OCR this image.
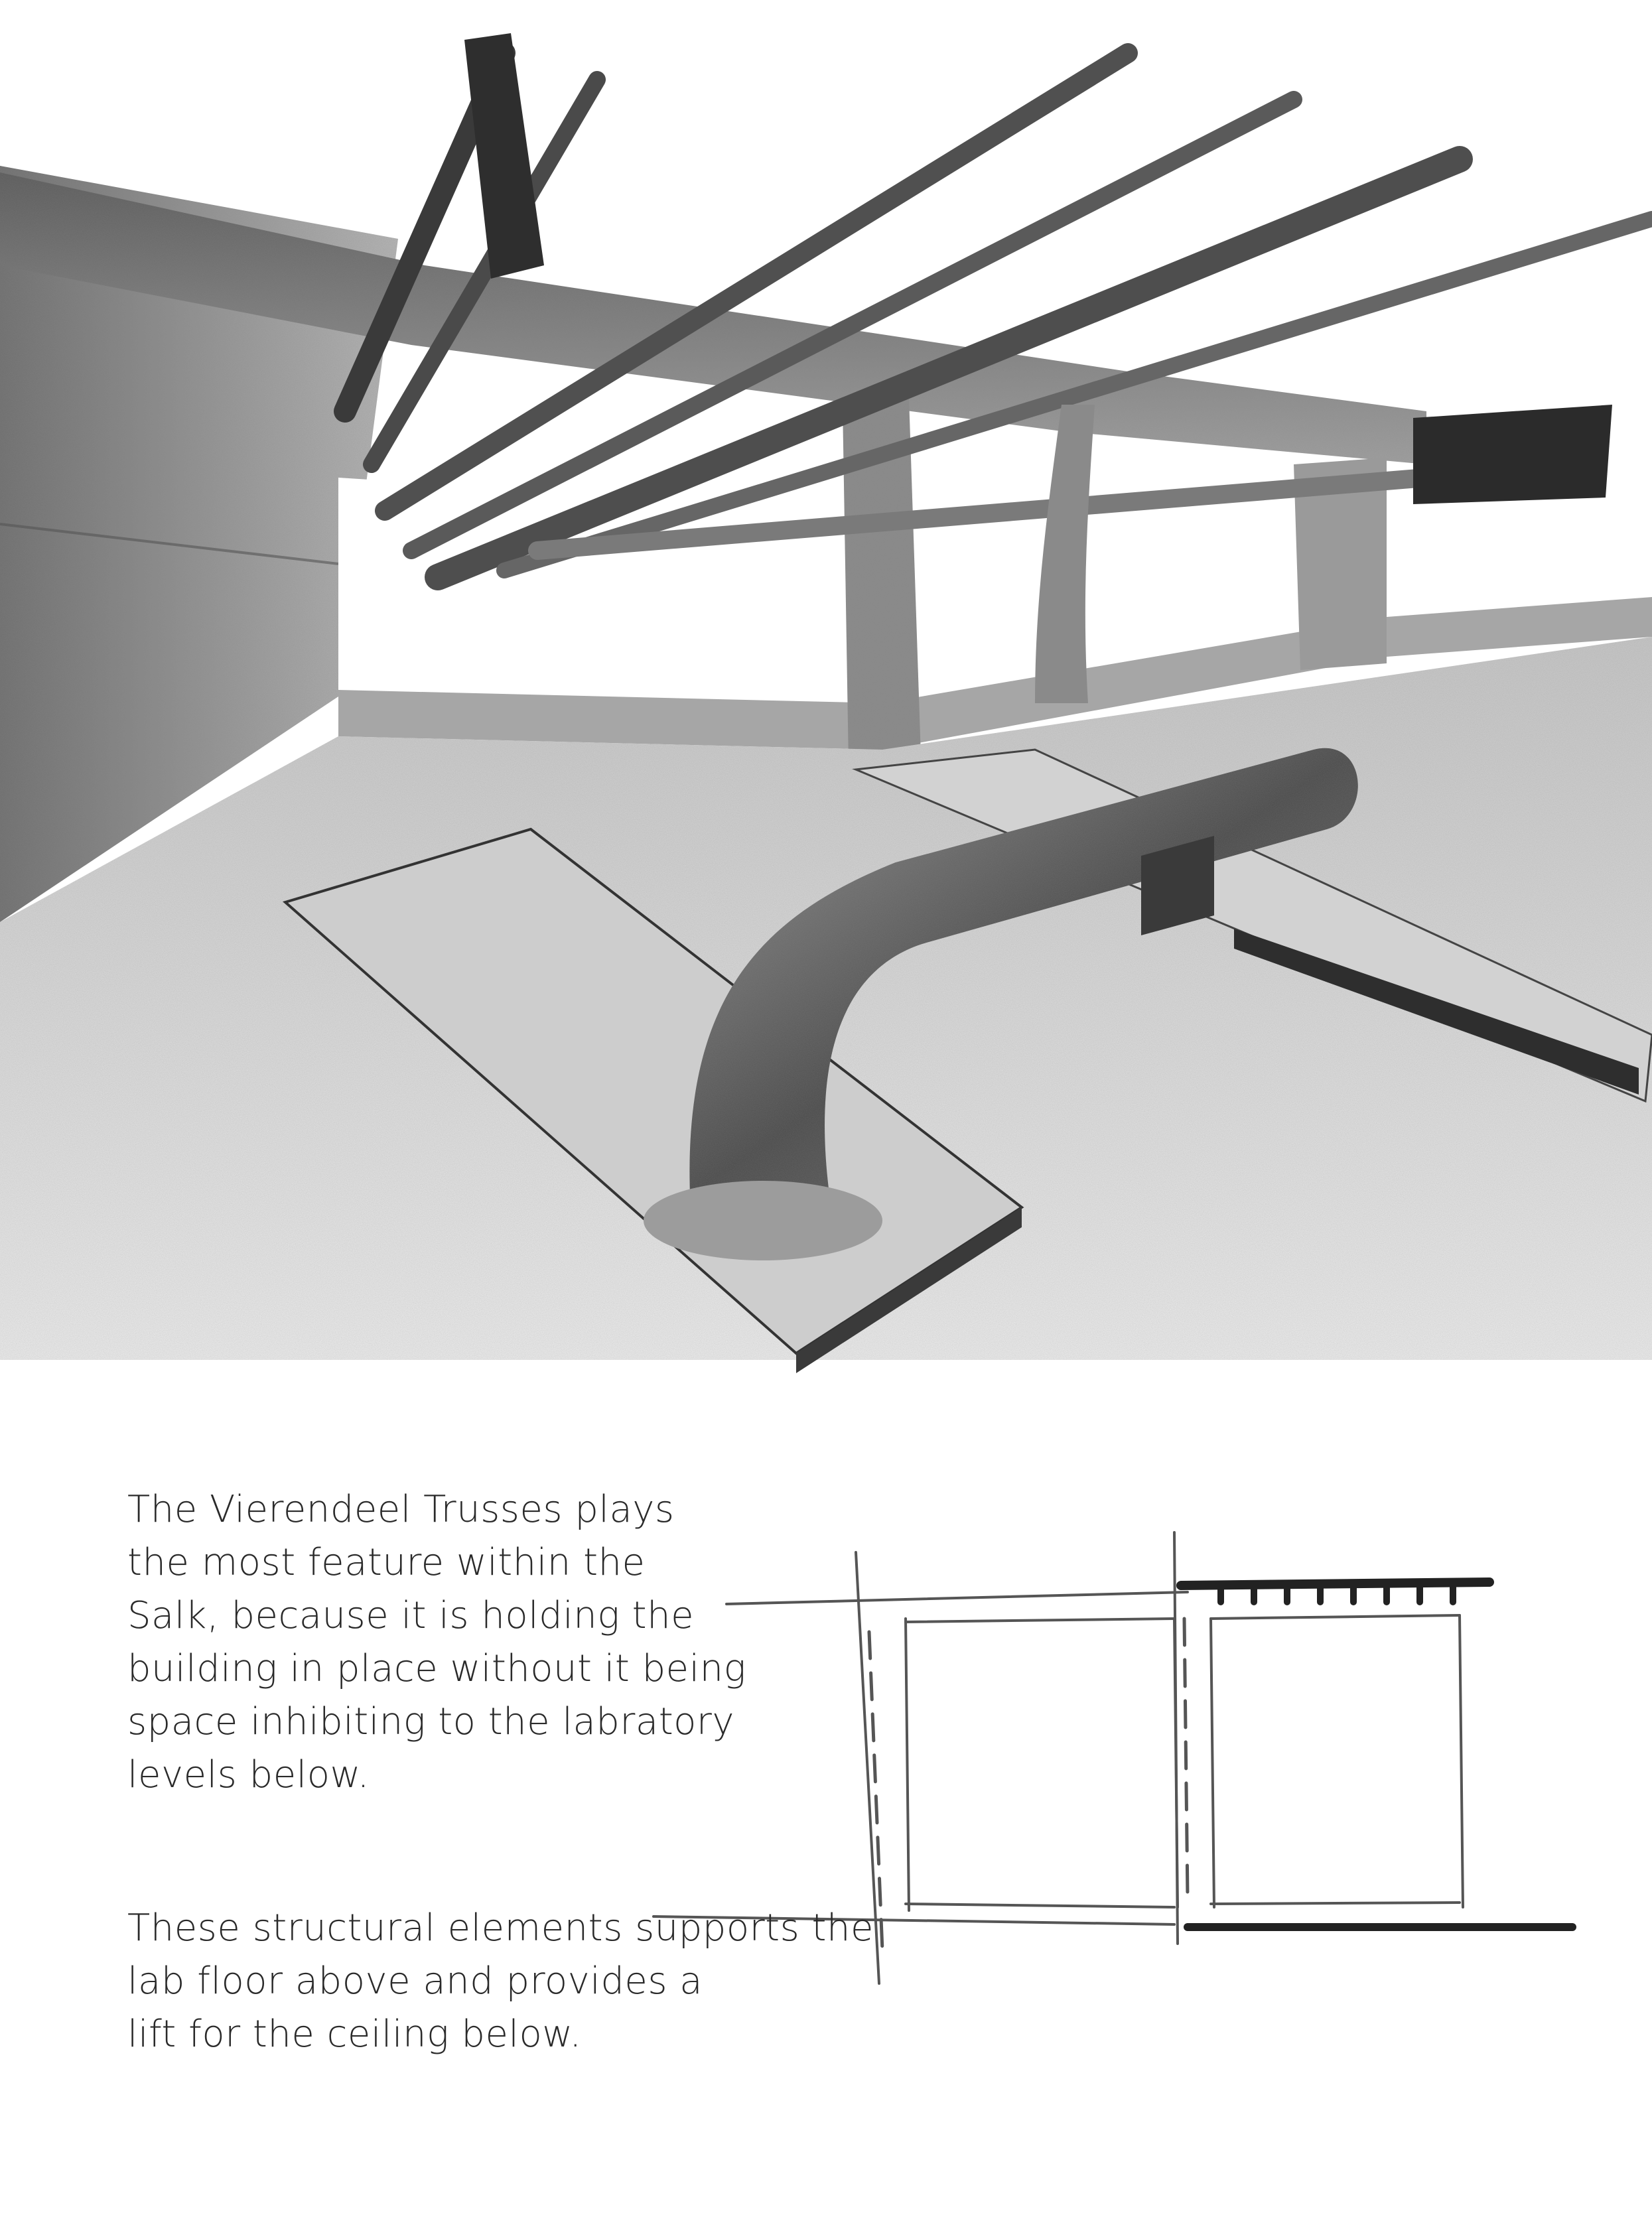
The Vierendeel Trusses plays
the most feature within the
Salk, because it is holding the
building in place without it being
space inhibiting to the labratory
levels below.
These structural elements supports the
lab floor above and provides a
lift for the ceiling below.
